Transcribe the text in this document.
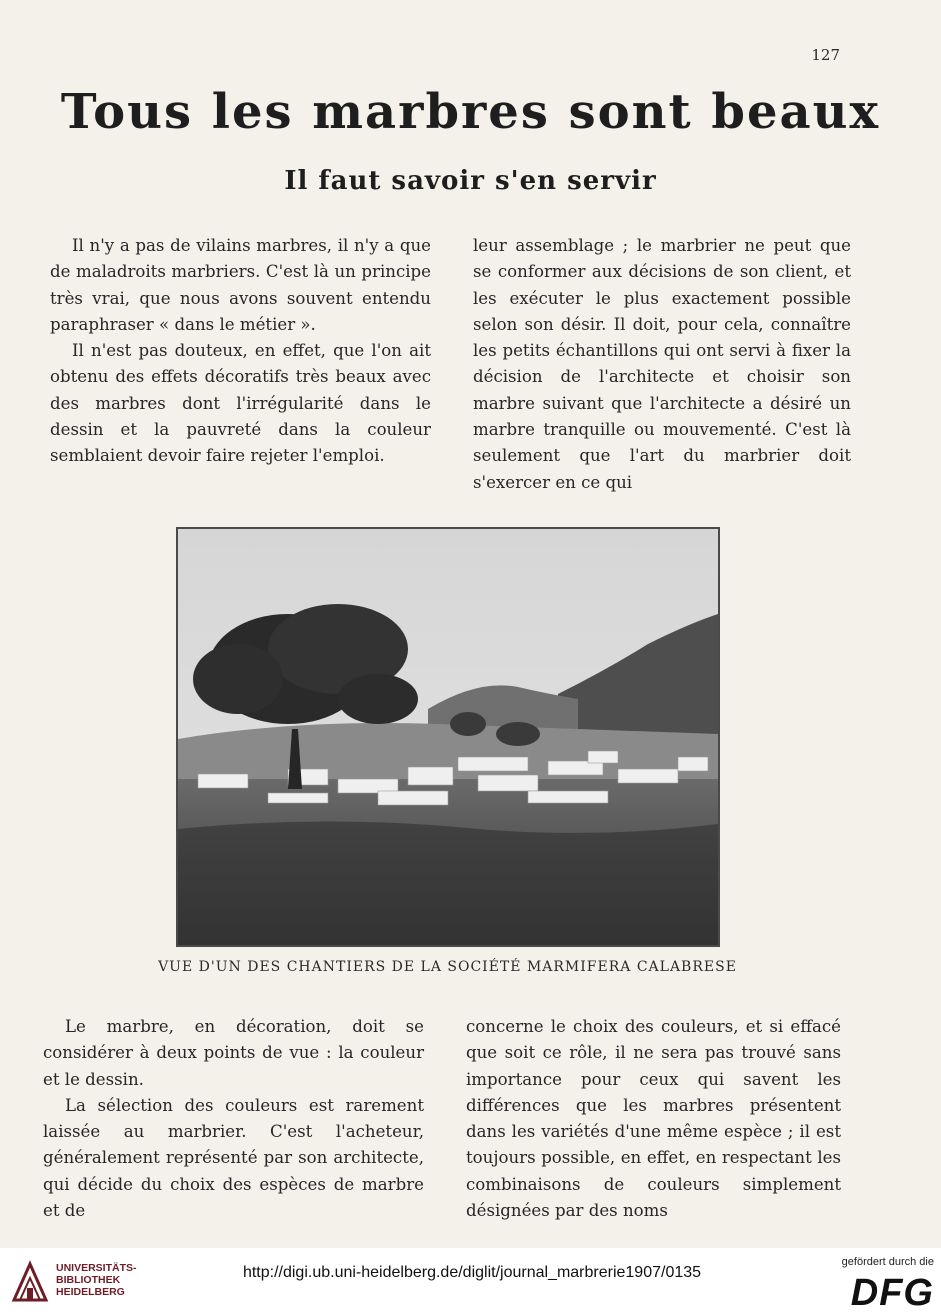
127
Tous les marbres sont beaux
Il faut savoir s'en servir

Il n'y a pas de vilains marbres, il n'y a que de maladroits marbriers. C'est là un principe très vrai, que nous avons souvent entendu paraphraser « dans le métier ».

Il n'est pas douteux, en effet, que l'on ait obtenu des effets décoratifs très beaux avec des marbres dont l'irrégularité dans le dessin et la pauvreté dans la couleur semblaient devoir faire rejeter l'emploi.

leur assemblage ; le marbrier ne peut que se conformer aux décisions de son client, et les exécuter le plus exactement possible selon son désir. Il doit, pour cela, connaître les petits échantillons qui ont servi à fixer la décision de l'architecte et choisir son marbre suivant que l'architecte a désiré un marbre tranquille ou mouvementé. C'est là seulement que l'art du marbrier doit s'exercer en ce qui

VUE D'UN DES CHANTIERS DE LA SOCIÉTÉ MARMIFERA CALABRESE

Le marbre, en décoration, doit se considérer à deux points de vue : la couleur et le dessin.

La sélection des couleurs est rarement laissée au marbrier. C'est l'acheteur, généralement représenté par son architecte, qui décide du choix des espèces de marbre et de

concerne le choix des couleurs, et si effacé que soit ce rôle, il ne sera pas trouvé sans importance pour ceux qui savent les différences que les marbres présentent dans les variétés d'une même espèce ; il est toujours possible, en effet, en respectant les combinaisons de couleurs simplement désignées par des noms

UNIVERSITÄTS-
BIBLIOTHEK
HEIDELBERG
http://digi.ub.uni-heidelberg.de/diglit/journal_marbrerie1907/0135
gefördert durch die
DFG
